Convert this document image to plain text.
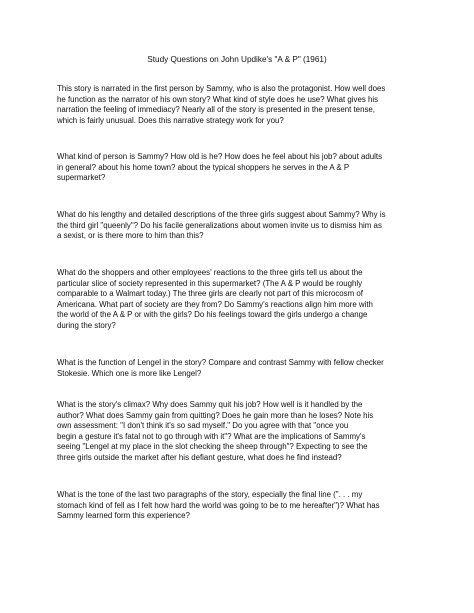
Study Questions on John Updike's "A & P" (1961)

This story is narrated in the first person by Sammy, who is also the protagonist. How well does
he function as the narrator of his own story? What kind of style does he use? What gives his
narration the feeling of immediacy? Nearly all of the story is presented in the present tense,
which is fairly unusual. Does this narrative strategy work for you?

What kind of person is Sammy? How old is he? How does he feel about his job? about adults
in general? about his home town? about the typical shoppers he serves in the A & P
supermarket?

What do his lengthy and detailed descriptions of the three girls suggest about Sammy? Why is
the third girl "queenly"? Do his facile generalizations about women invite us to dismiss him as
a sexist, or is there more to him than this?

What do the shoppers and other employees' reactions to the three girls tell us about the
particular slice of society represented in this supermarket? (The A & P would be roughly
comparable to a Walmart today.) The three girls are clearly not part of this microcosm of
Americana. What part of society are they from? Do Sammy's reactions align him more with
the world of the A & P or with the girls? Do his feelings toward the girls undergo a change
during the story?

What is the function of Lengel in the story? Compare and contrast Sammy with fellow checker
Stokesie. Which one is more like Lengel?

What is the story's climax? Why does Sammy quit his job? How well is it handled by the
author? What does Sammy gain from quitting? Does he gain more than he loses? Note his
own assessment: "I don't think it's so sad myself." Do you agree with that "once you
begin a gesture it's fatal not to go through with it"? What are the implications of Sammy's
seeing "Lengel at my place in the slot checking the sheep through"? Expecting to see the
three girls outside the market after his defiant gesture, what does he find instead?

What is the tone of the last two paragraphs of the story, especially the final line (". . . my
stomach kind of fell as I felt how hard the world was going to be to me hereafter")? What has
Sammy learned form this experience?
